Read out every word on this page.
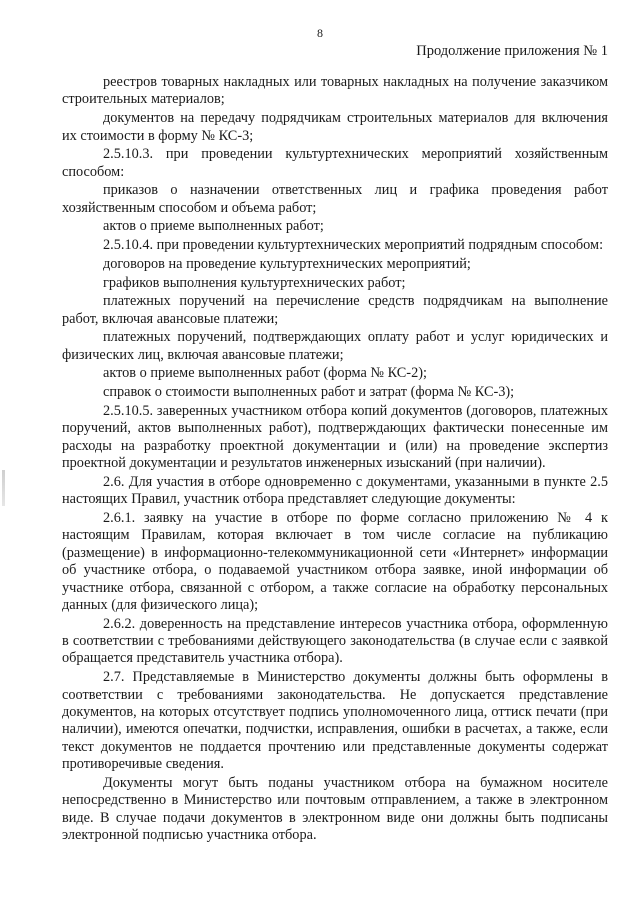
8
Продолжение приложения № 1

реестров товарных накладных или товарных накладных на получение заказчиком строительных материалов;

документов на передачу подрядчикам строительных материалов для включения их стоимости в форму № КС-3;

2.5.10.3. при проведении культуртехнических мероприятий хозяйственным способом:

приказов о назначении ответственных лиц и графика проведения работ хозяйственным способом и объема работ;

актов о приеме выполненных работ;

2.5.10.4. при проведении культуртехнических мероприятий подрядным способом:

договоров на проведение культуртехнических мероприятий;

графиков выполнения культуртехнических работ;

платежных поручений на перечисление средств подрядчикам на выполнение работ, включая авансовые платежи;

платежных поручений, подтверждающих оплату работ и услуг юридических и физических лиц, включая авансовые платежи;

актов о приеме выполненных работ (форма № КС-2);

справок о стоимости выполненных работ и затрат (форма № КС-3);

2.5.10.5. заверенных участником отбора копий документов (договоров, платежных поручений, актов выполненных работ), подтверждающих фактически понесенные им расходы на разработку проектной документации и (или) на проведение экспертиз проектной документации и результатов инженерных изысканий (при наличии).

2.6. Для участия в отборе одновременно с документами, указанными в пункте 2.5 настоящих Правил, участник отбора представляет следующие документы:

2.6.1. заявку на участие в отборе по форме согласно приложению № 4 к настоящим Правилам, которая включает в том числе согласие на публикацию (размещение) в информационно-телекоммуникационной сети «Интернет» информации об участнике отбора, о подаваемой участником отбора заявке, иной информации об участнике отбора, связанной с отбором, а также согласие на обработку персональных данных (для физического лица);

2.6.2. доверенность на представление интересов участника отбора, оформленную в соответствии с требованиями действующего законодательства (в случае если с заявкой обращается представитель участника отбора).

2.7. Представляемые в Министерство документы должны быть оформлены в соответствии с требованиями законодательства. Не допускается представление документов, на которых отсутствует подпись уполномоченного лица, оттиск печати (при наличии), имеются опечатки, подчистки, исправления, ошибки в расчетах, а также, если текст документов не поддается прочтению или представленные документы содержат противоречивые сведения.

Документы могут быть поданы участником отбора на бумажном носителе непосредственно в Министерство или почтовым отправлением, а также в электронном виде. В случае подачи документов в электронном виде они должны быть подписаны электронной подписью участника отбора.
